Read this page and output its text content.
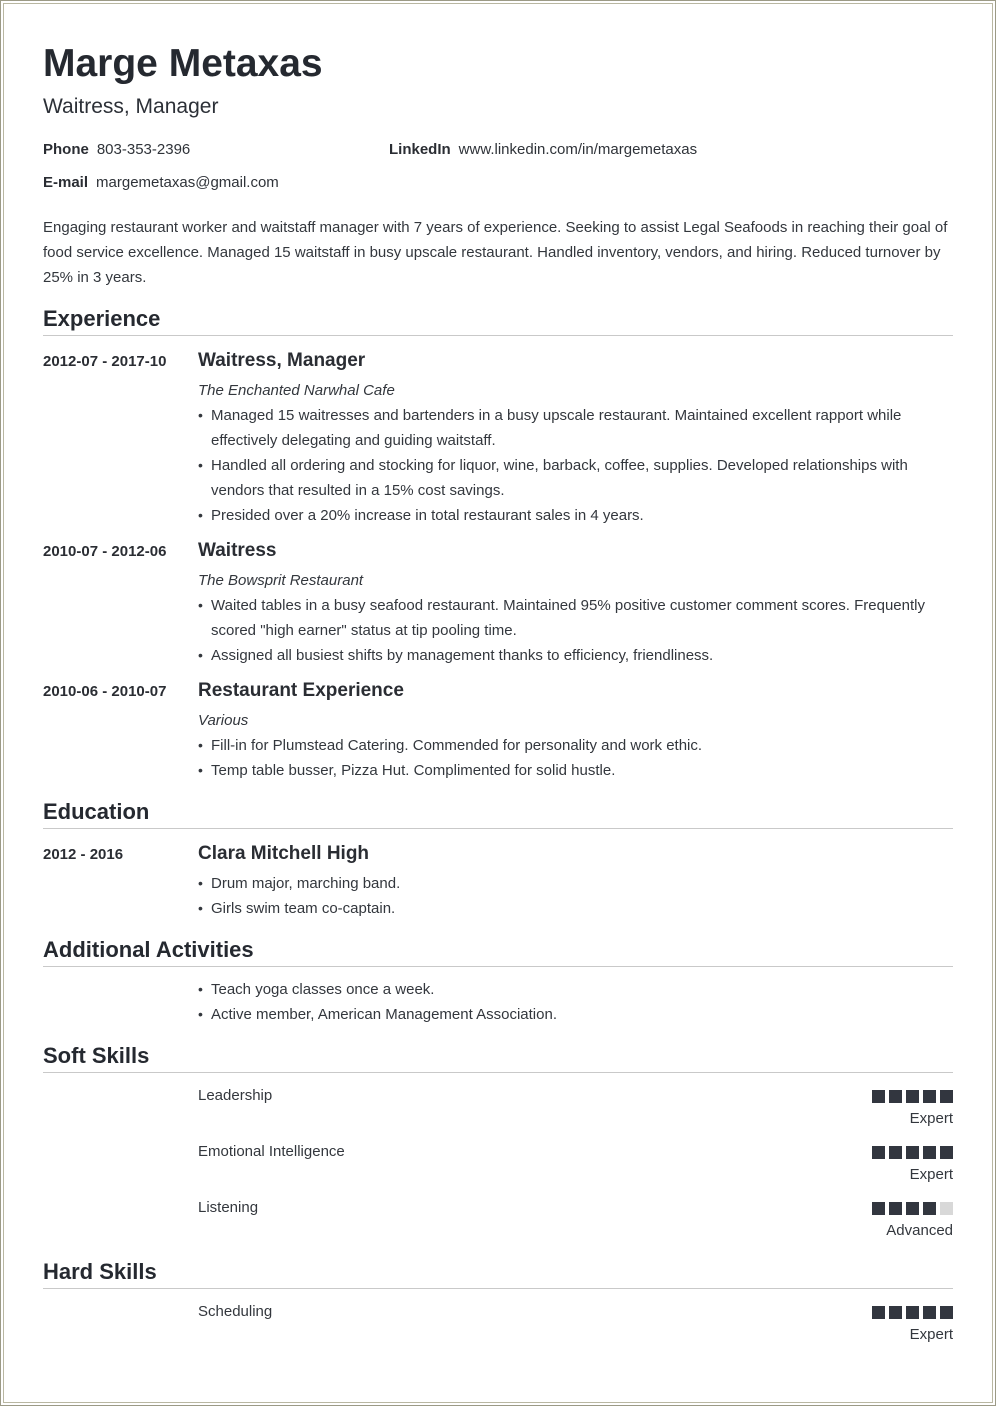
Marge Metaxas
Waitress, Manager
Phone 803-353-2396	LinkedIn www.linkedin.com/in/margemetaxas
E-mail margemetaxas@gmail.com
Engaging restaurant worker and waitstaff manager with 7 years of experience. Seeking to assist Legal Seafoods in reaching their goal of food service excellence. Managed 15 waitstaff in busy upscale restaurant. Handled inventory, vendors, and hiring. Reduced turnover by 25% in 3 years.
Experience
2012-07 - 2017-10 Waitress, Manager
The Enchanted Narwhal Cafe
• Managed 15 waitresses and bartenders in a busy upscale restaurant. Maintained excellent rapport while effectively delegating and guiding waitstaff.
• Handled all ordering and stocking for liquor, wine, barback, coffee, supplies. Developed relationships with vendors that resulted in a 15% cost savings.
• Presided over a 20% increase in total restaurant sales in 4 years.
2010-07 - 2012-06 Waitress
The Bowsprit Restaurant
• Waited tables in a busy seafood restaurant. Maintained 95% positive customer comment scores. Frequently scored "high earner" status at tip pooling time.
• Assigned all busiest shifts by management thanks to efficiency, friendliness.
2010-06 - 2010-07 Restaurant Experience
Various
• Fill-in for Plumstead Catering. Commended for personality and work ethic.
• Temp table busser, Pizza Hut. Complimented for solid hustle.
Education
2012 - 2016	Clara Mitchell High
• Drum major, marching band.
• Girls swim team co-captain.
Additional Activities
• Teach yoga classes once a week.
• Active member, American Management Association.
Soft Skills
Leadership
Expert
Emotional Intelligence
Expert
Listening
Advanced
Hard Skills
Scheduling
Expert
